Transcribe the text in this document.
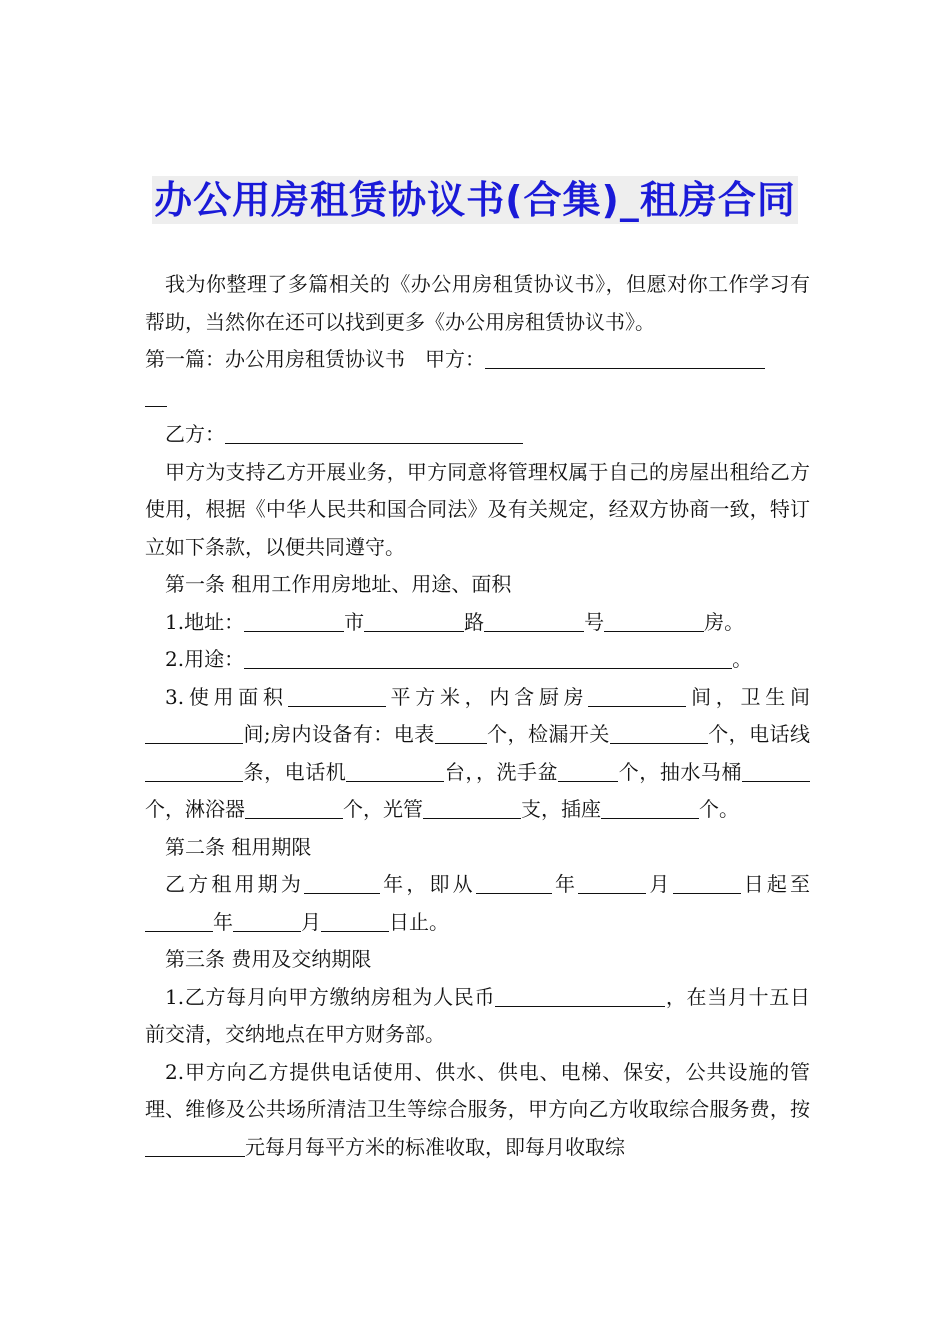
办公用房租赁协议书(合集)_租房合同

我为你整理了多篇相关的《办公用房租赁协议书》，但愿对你工作学习有帮助，当然你在还可以找到更多《办公用房租赁协议书》。

第一篇：办公用房租赁协议书　甲方：

乙方：

甲方为支持乙方开展业务，甲方同意将管理权属于自己的房屋出租给乙方使用，根据《中华人民共和国合同法》及有关规定，经双方协商一致，特订立如下条款，以便共同遵守。

第一条 租用工作用房地址、用途、面积

1.地址：	市	路	号	房。

2.用途：	。

3.使用面积	平方米，内含厨房	间，卫生间间;房内设备有：电表	个，检漏开关	个，电话线条，电话机	台，，洗手盆	个，抽水马桶个，淋浴器	个，光管	支，插座	个。

第二条 租用期限

乙方租用期为	年，即从	年	月	日起至年	月	日止。

第三条 费用及交纳期限

1.乙方每月向甲方缴纳房租为人民币	，在当月十五日前交清，交纳地点在甲方财务部。

2.甲方向乙方提供电话使用、供水、供电、电梯、保安，公共设施的管理、维修及公共场所清洁卫生等综合服务，甲方向乙方收取综合服务费，按元每月每平方米的标准收取，即每月收取综
